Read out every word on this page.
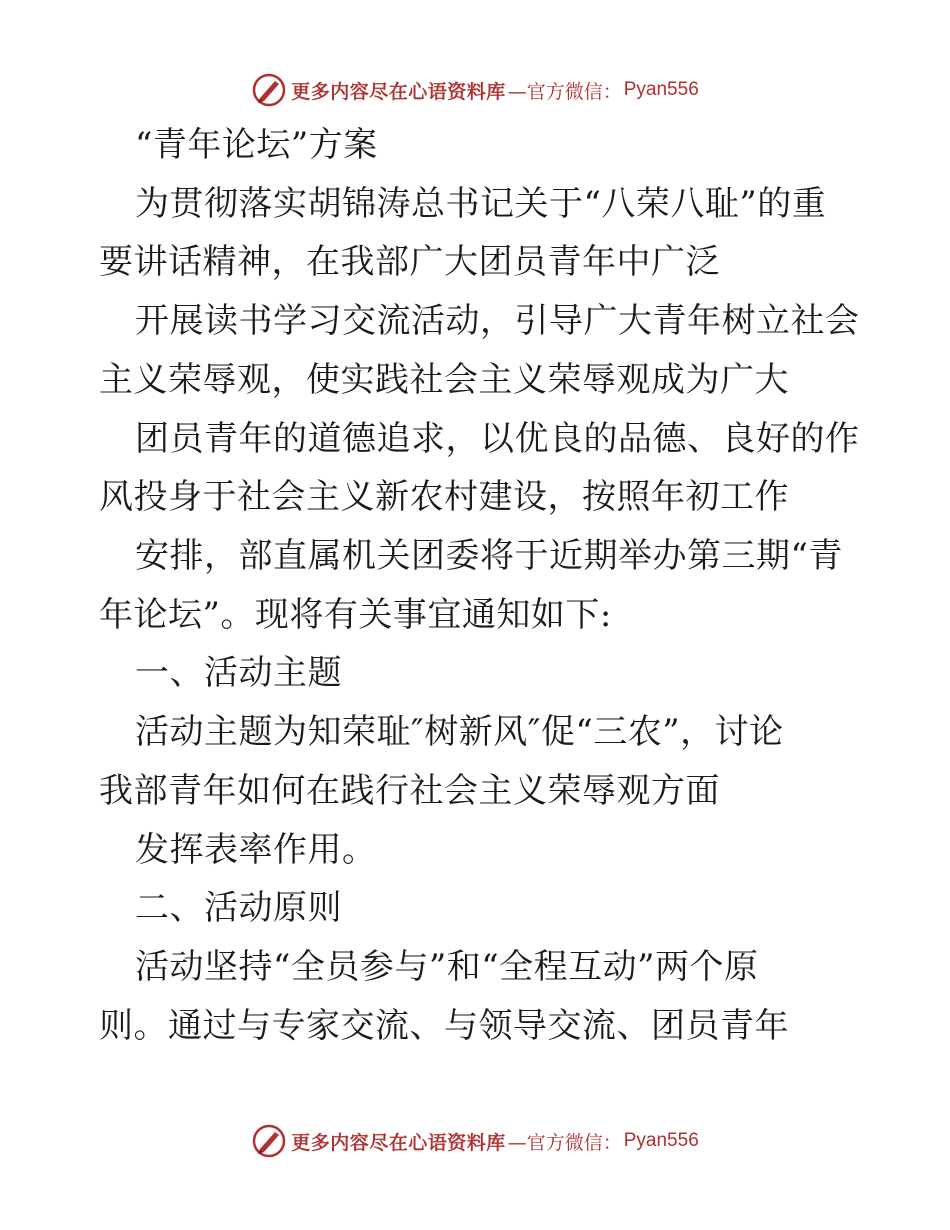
更多内容尽在心语资料库 —官方微信： Pyan556
“青年论坛”方案
为贯彻落实胡锦涛总书记关于“八荣八耻”的重
要讲话精神，在我部广大团员青年中广泛
开展读书学习交流活动，引导广大青年树立社会
主义荣辱观，使实践社会主义荣辱观成为广大
团员青年的道德追求，以优良的品德、良好的作
风投身于社会主义新农村建设，按照年初工作
安排，部直属机关团委将于近期举办第三期“青
年论坛”。现将有关事宜通知如下:
一、活动主题
活动主题为知荣耻″树新风″促“三农”，讨论
我部青年如何在践行社会主义荣辱观方面
发挥表率作用。
二、活动原则
活动坚持“全员参与”和“全程互动”两个原
则。通过与专家交流、与领导交流、团员青年
更多内容尽在心语资料库 —官方微信： Pyan556
